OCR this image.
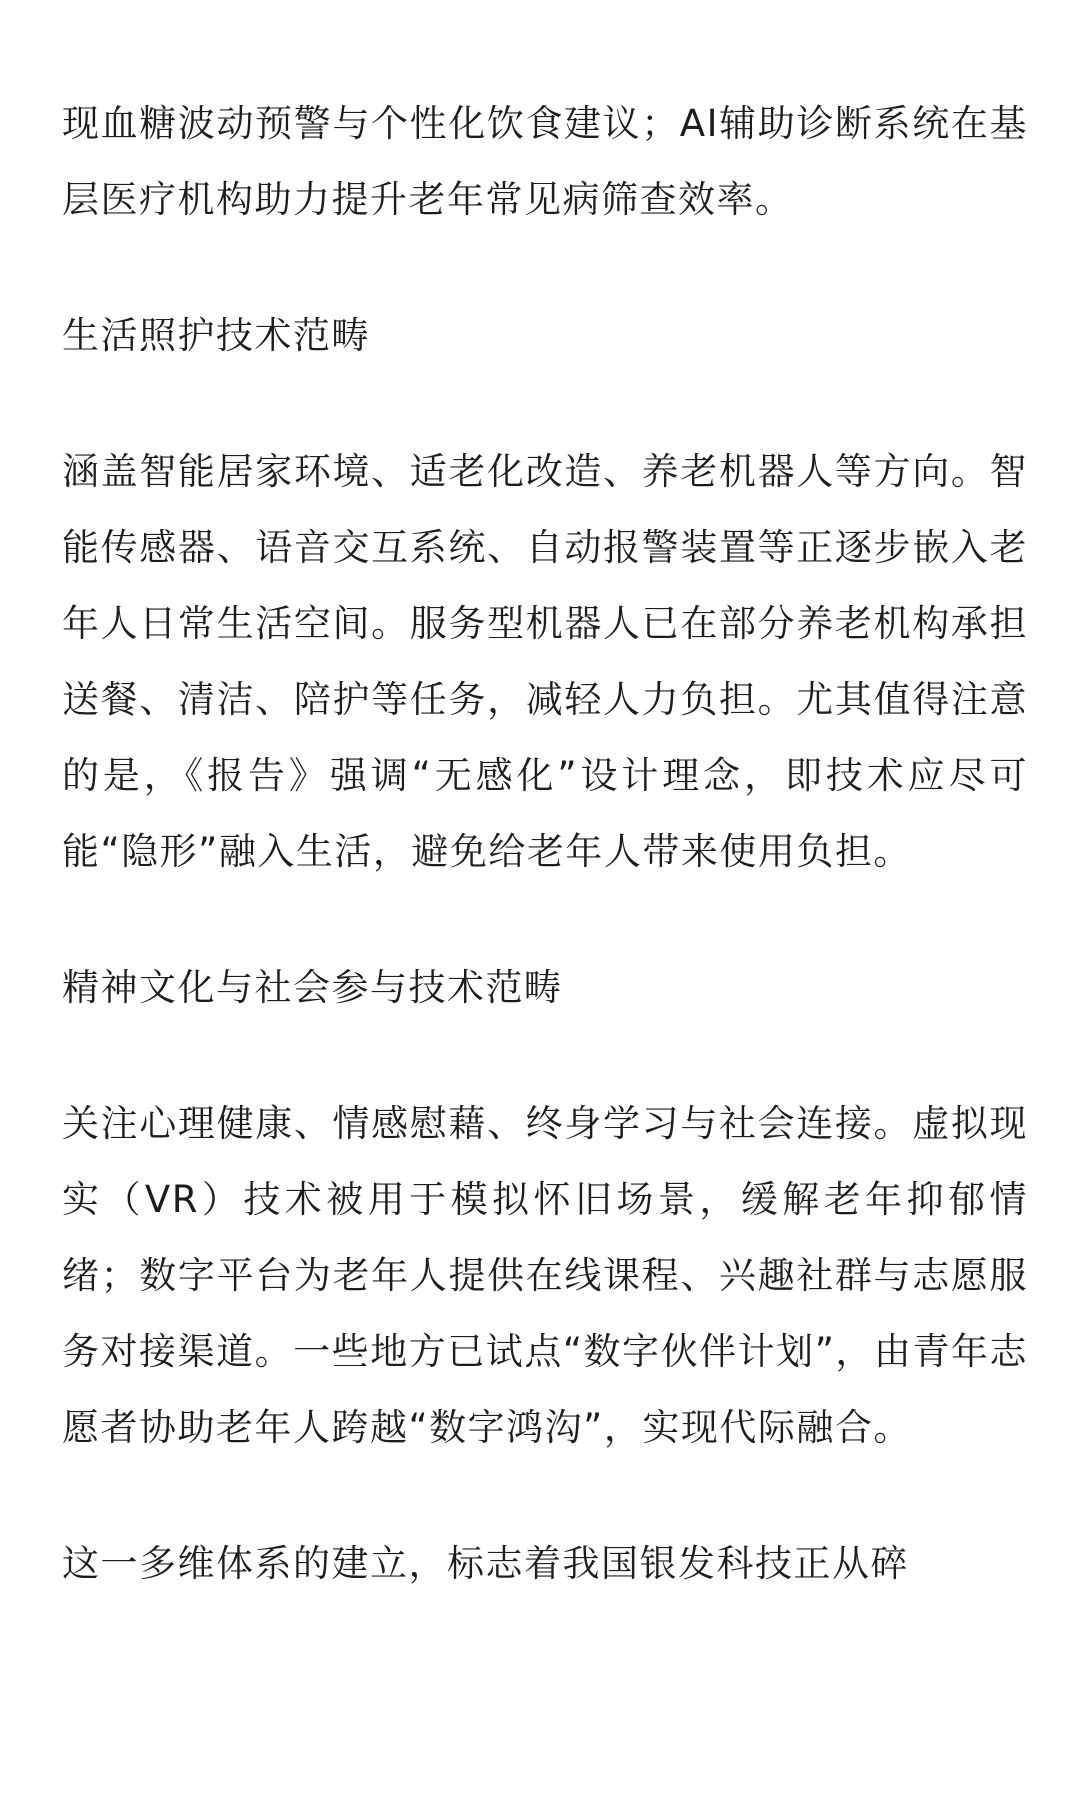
现血糖波动预警与个性化饮食建议；AI辅助诊断系统在基层医疗机构助力提升老年常见病筛查效率。

生活照护技术范畴

涵盖智能居家环境、适老化改造、养老机器人等方向。智能传感器、语音交互系统、自动报警装置等正逐步嵌入老年人日常生活空间。服务型机器人已在部分养老机构承担送餐、清洁、陪护等任务，减轻人力负担。尤其值得注意的是，《报告》强调“无感化”设计理念，即技术应尽可能“隐形”融入生活，避免给老年人带来使用负担。

精神文化与社会参与技术范畴

关注心理健康、情感慰藉、终身学习与社会连接。虚拟现实（VR）技术被用于模拟怀旧场景，缓解老年抑郁情绪；数字平台为老年人提供在线课程、兴趣社群与志愿服务对接渠道。一些地方已试点“数字伙伴计划”，由青年志愿者协助老年人跨越“数字鸿沟”，实现代际融合。

这一多维体系的建立，标志着我国银发科技正从碎
